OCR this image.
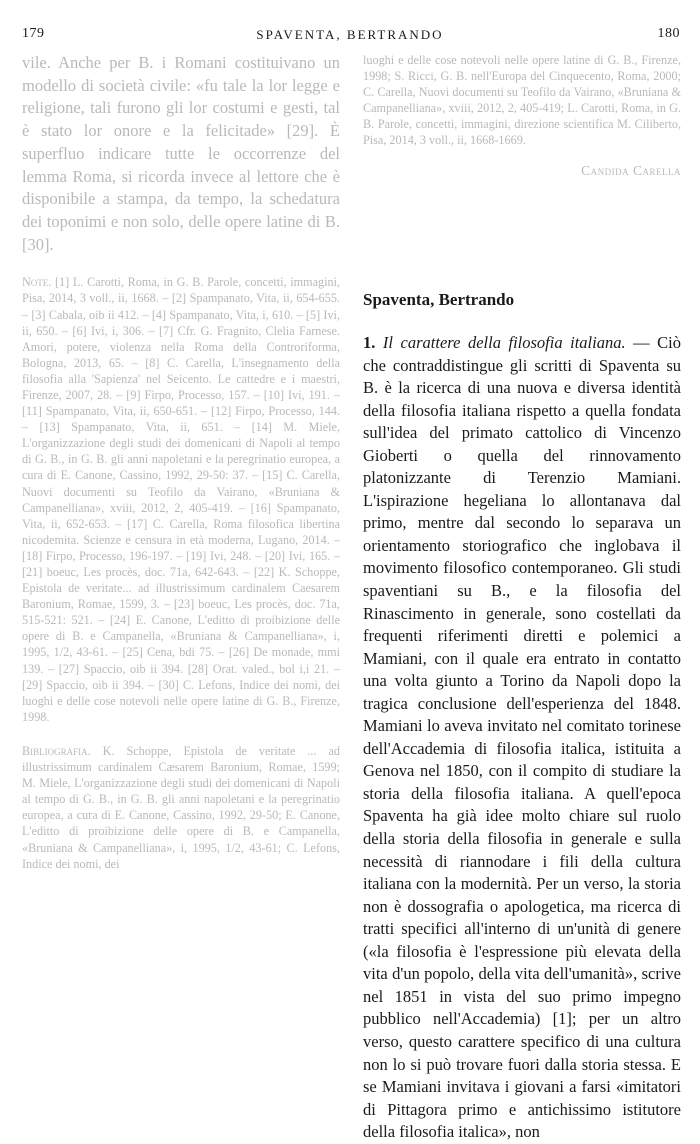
179	SPAVENTA, BERTRANDO	180

vile. Anche per B. i Romani costituivano un modello di società civile: «fu tale la lor legge e religione, tali furono gli lor costumi e gesti, tal è stato lor onore e la felicitade» [29]. È superfluo indicare tutte le occorrenze del lemma Roma, si ricorda invece al lettore che è disponibile a stampa, da tempo, la schedatura dei toponimi e non solo, delle opere latine di B. [30].

Note. [1] L. Carotti, Roma, in G. B. Parole, concetti, immagini, Pisa, 2014, 3 voll., ii, 1668. – [2] Spampanato, Vita, ii, 654-655. – [3] Cabala, oib ii 412. – [4] Spampanato, Vita, i, 610. – [5] Ivi, ii, 650. – [6] Ivi, i, 306. – [7] Cfr. G. Fragnito, Clelia Farnese. Amori, potere, violenza nella Roma della Controriforma, Bologna, 2013, 65. – [8] C. Carella, L'insegnamento della filosofia alla 'Sapienza' nel Seicento. Le cattedre e i maestri, Firenze, 2007, 28. – [9] Firpo, Processo, 157. – [10] Ivi, 191. – [11] Spampanato, Vita, ii, 650-651. – [12] Firpo, Processo, 144. – [13] Spampanato, Vita, ii, 651. – [14] M. Miele, L'organizzazione degli studi dei domenicani di Napoli al tempo di G. B., in G. B. gli anni napoletani e la peregrinatio europea, a cura di E. Canone, Cassino, 1992, 29-50: 37. – [15] C. Carella, Nuovi documenti su Teofilo da Vairano, «Bruniana & Campanelliana», xviii, 2012, 2, 405-419. – [16] Spampanato, Vita, ii, 652-653. – [17] C. Carella, Roma filosofica libertina nicodemita. Scienze e censura in età moderna, Lugano, 2014. – [18] Firpo, Processo, 196-197. – [19] Ivi, 248. – [20] Ivi, 165. – [21] boeuc, Les procès, doc. 71a, 642-643. – [22] K. Schoppe, Epistola de veritate... ad illustrissimum cardinalem Caesarem Baronium, Romae, 1599, 3. – [23] boeuc, Les procès, doc. 71a, 515-521: 521. – [24] E. Canone, L'editto di proibizione delle opere di B. e Campanella, «Bruniana & Campanelliana», i, 1995, 1/2, 43-61. – [25] Cena, bdi 75. – [26] De monade, mmi 139. – [27] Spaccio, oib ii 394. [28] Orat. valed., bol i,i 21. – [29] Spaccio, oib ii 394. – [30] C. Lefons, Indice dei nomi, dei luoghi e delle cose notevoli nelle opere latine di G. B., Firenze, 1998.

Bibliografia. K. Schoppe, Epistola de veritate ... ad illustrissimum cardinalem Cæsarem Baronium, Romae, 1599; M. Miele, L'organizzazione degli studi dei domenicani di Napoli al tempo di G. B., in G. B. gli anni napoletani e la peregrinatio europea, a cura di E. Canone, Cassino, 1992, 29-50; E. Canone, L'editto di proibizione delle opere di B. e Campanella, «Bruniana & Campanelliana», i, 1995, 1/2, 43-61; C. Lefons, Indice dei nomi, dei

luoghi e delle cose notevoli nelle opere latine di G. B., Firenze, 1998; S. Ricci, G. B. nell'Europa del Cinquecento, Roma, 2000; C. Carella, Nuovi documenti su Teofilo da Vairano, «Bruniana & Campanelliana», xviii, 2012, 2, 405-419; L. Carotti, Roma, in G. B. Parole, concetti, immagini, direzione scientifica M. Ciliberto, Pisa, 2014, 3 voll., ii, 1668-1669.

Candida Carella

Spaventa, Bertrando
1. Il carattere della filosofia italiana. — Ciò che contraddistingue gli scritti di Spaventa su B. è la ricerca di una nuova e diversa identità della filosofia italiana rispetto a quella fondata sull'idea del primato cattolico di Vincenzo Gioberti o quella del rinnovamento platonizzante di Terenzio Mamiani. L'ispirazione hegeliana lo allontanava dal primo, mentre dal secondo lo separava un orientamento storiografico che inglobava il movimento filosofico contemporaneo. Gli studi spaventiani su B., e la filosofia del Rinascimento in generale, sono costellati da frequenti riferimenti diretti e polemici a Mamiani, con il quale era entrato in contatto una volta giunto a Torino da Napoli dopo la tragica conclusione dell'esperienza del 1848. Mamiani lo aveva invitato nel comitato torinese dell'Accademia di filosofia italica, istituita a Genova nel 1850, con il compito di studiare la storia della filosofia italiana. A quell'epoca Spaventa ha già idee molto chiare sul ruolo della storia della filosofia in generale e sulla necessità di riannodare i fili della cultura italiana con la modernità. Per un verso, la storia non è dossografia o apologetica, ma ricerca di tratti specifici all'interno di un'unità di genere («la filosofia è l'espressione più elevata della vita d'un popolo, della vita dell'umanità», scrive nel 1851 in vista del suo primo impegno pubblico nell'Accademia) [1]; per un altro verso, questo carattere specifico di una cultura non lo si può trovare fuori dalla storia stessa. E se Mamiani invitava i giovani a farsi «imitatori di Pittagora primo e antichissimo istitutore della filosofia italica», non
